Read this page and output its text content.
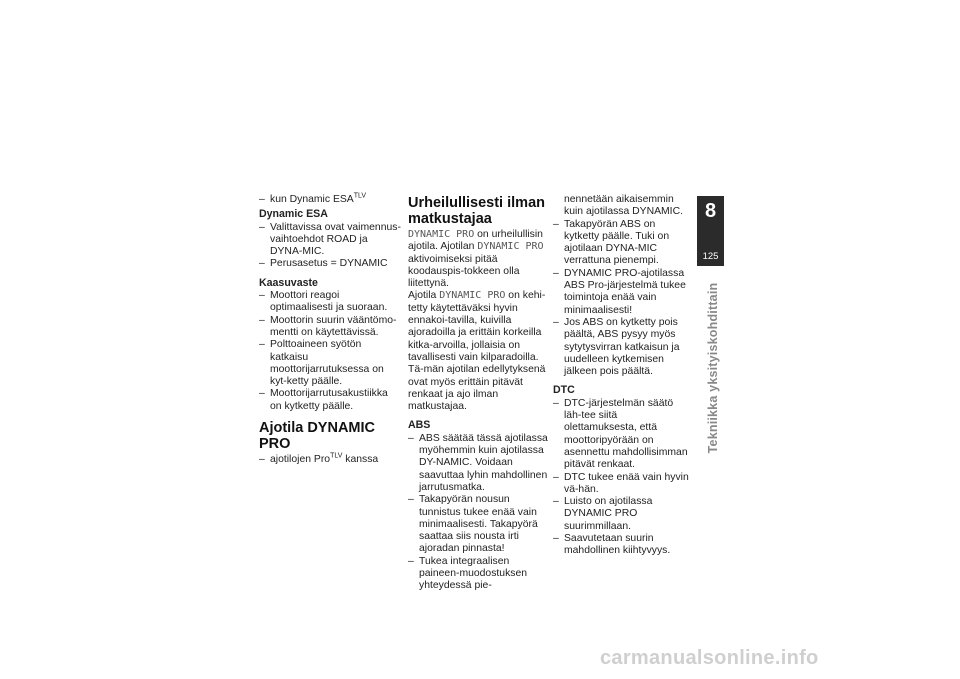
– kun Dynamic $ESA^{TLV}$

Dynamic ESA

– Valittavissa ovat vaimennus-vaihtoehdot ROAD ja DYNA-MIC.

– Perusasetus = DYNAMIC

Kaasuvaste

– Moottori reagoi optimaalisesti ja suoraan.

– Moottorin suurin vääntömo-mentti on käytettävissä.

– Polttoaineen syötön katkaisu moottorijarrutuksessa on kyt-ketty päälle.

– Moottorijarrutusakustiikka on kytketty päälle.

Ajotila DYNAMIC PRO

– ajotilojen Pro$^{TLV}$ kanssa

Urheilullisesti ilman matkustajaa

DYNAMIC PRO on urheilullisin ajotila. Ajotilan DYNAMIC PRO aktivoimiseksi pitää koodauspis-tokkeen olla liitettynä.

Ajotila DYNAMIC PRO on kehi-tetty käytettäväksi hyvin ennakoi-tavilla, kuivilla ajoradoilla ja erittäin korkeilla kitka-arvoilla, jollaisia on tavallisesti vain kilparadoilla. Tä-män ajotilan edellytyksenä ovat myös erittäin pitävät renkaat ja ajo ilman matkustajaa.

ABS

– ABS säätää tässä ajotilassa myöhemmin kuin ajotilassa DY-NAMIC. Voidaan saavuttaa lyhin mahdollinen jarrutusmatka.

– Takapyörän nousun tunnistus tukee enää vain minimaalisesti. Takapyörä saattaa siis nousta irti ajoradan pinnasta!

– Tukea integraalisen paineen-muodostuksen yhteydessä pie-

nennetään aikaisemmin kuin ajotilassa DYNAMIC.

– Takapyörän ABS on kytketty päälle. Tuki on ajotilaan DYNA-MIC verrattuna pienempi.

– DYNAMIC PRO-ajotilassa ABS Pro-järjestelmä tukee toimintoja enää vain minimaalisesti!

– Jos ABS on kytketty pois päältä, ABS pysyy myös sytytysvirran katkaisun ja uudelleen kytkemisen jälkeen pois päältä.

DTC

– DTC-järjestelmän säätö läh-tee siitä olettamuksesta, että moottoripyörään on asennettu mahdollisimman pitävät renkaat.

– DTC tukee enää vain hyvin vä-hän.

– Luisto on ajotilassa DYNAMIC PRO suurimmillaan.

– Saavutetaan suurin mahdollinen kiihtyvyys.

8
125
Tekniikka yksityiskohdittain
carmanualsonline.info
